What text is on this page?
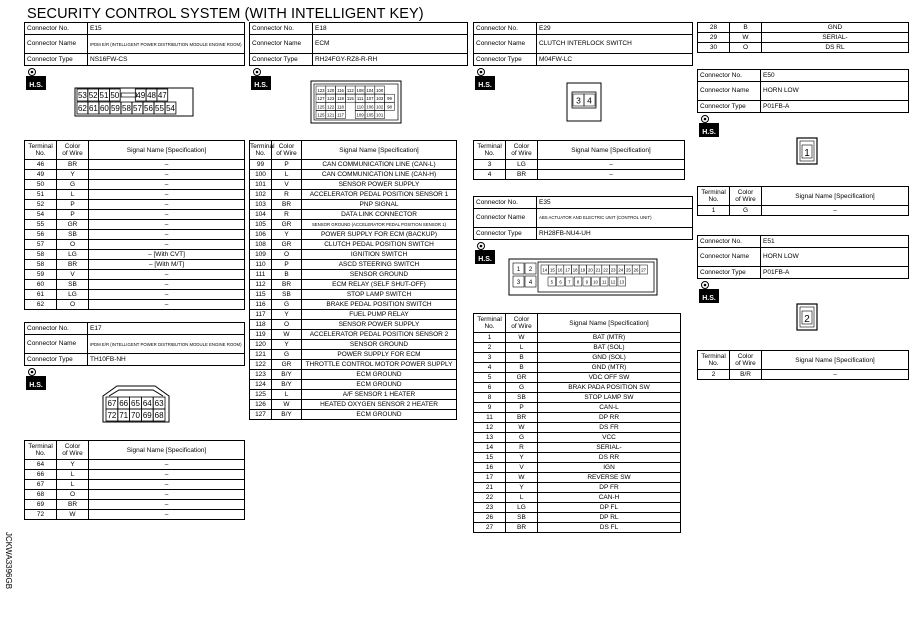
SECURITY CONTROL SYSTEM (WITH INTELLIGENT KEY)
JCKWA3396GB
Connector No.	E15
Connector Name	IPDM E/R (INTELLIGENT POWER DISTRIBUTION MODULE ENGINE ROOM)
Connector Type	NS16FW-CS
H.S.
53 52 51 50 49 48 47
62 61 60 59 58 57 56 55 54
Terminal
No.	Color
of Wire	Signal Name [Specification]
46	BR	–
49	Y	–
50	G	–
51	L	–
52	P	–
54	P	–
55	GR	–
56	SB	–
57	O	–
58	LG	– [With CVT]
58	BR	– [With M/T]
59	V	–
60	SB	–
61	LG	–
62	O	–
Connector No.	E17
Connector Name	IPDM E/R (INTELLIGENT POWER DISTRIBUTION MODULE ENGINE ROOM)
Connector Type	TH10FB-NH
H.S.
67 66 65 64 63
72 71 70 69 68
Terminal
No.	Color
of Wire	Signal Name [Specification]
64	Y	–
66	L	–
67	L	–
68	O	–
69	BR	–
72	W	–
Connector No.	E18
Connector Name	ECM
Connector Type	RH24FGY-RZ8-R-RH
H.S.
123 120 116 112 108 104 100
127 123 119 115 111 107 103 99
125 122 118	110 106 102 98
125 121 117	109 105 101
Terminal
No.	Color
of Wire	Signal Name [Specification]
99	P	CAN COMMUNICATION LINE (CAN-L)
100	L	CAN COMMUNICATION LINE (CAN-H)
101	V	SENSOR POWER SUPPLY
102	R	ACCELERATOR PEDAL POSITION SENSOR 1
103	BR	PNP SIGNAL
104	R	DATA LINK CONNECTOR
105	GR	SENSOR GROUND (ACCELERATOR PEDAL POSITION SENSOR 1)
106	Y	POWER SUPPLY FOR ECM (BACKUP)
108	GR	CLUTCH PEDAL POSITION SWITCH
109	O	IGNITION SWITCH
110	P	ASCD STEERING SWITCH
111	B	SENSOR GROUND
112	BR	ECM RELAY (SELF SHUT-OFF)
115	SB	STOP LAMP SWITCH
116	G	BRAKE PEDAL POSITION SWITCH
117	Y	FUEL PUMP RELAY
118	O	SENSOR POWER SUPPLY
119	W	ACCELERATOR PEDAL POSITION SENSOR 2
120	Y	SENSOR GROUND
121	G	POWER SUPPLY FOR ECM
122	GR	THROTTLE CONTROL MOTOR POWER SUPPLY
123	B/Y	ECM GROUND
124	B/Y	ECM GROUND
125	L	A/F SENSOR 1 HEATER
126	W	HEATED OXYGEN SENSOR 2 HEATER
127	B/Y	ECM GROUND
Connector No.	E29
Connector Name	CLUTCH INTERLOCK SWITCH
Connector Type	M04FW-LC
H.S.
3 4
Terminal
No.	Color
of Wire	Signal Name [Specification]
3	LG	–
4	BR	–
Connector No.	E35
Connector Name	ABS ACTUATOR AND ELECTRIC UNIT (CONTROL UNIT)
Connector Type	RH28FB-NU4-UH
H.S.
1 2
3 4
14 15 16 17 18 19 20 21 22 23 24 25 26 27
5 6 7 8 9 10 11 12 13
Terminal
No.	Color
of Wire	Signal Name [Specification]
1	W	BAT (MTR)
2	L	BAT (SOL)
3	B	GND (SOL)
4	B	GND (MTR)
5	GR	VDC OFF SW
6	G	BRAK PADA POSITION SW
8	SB	STOP LAMP SW
9	P	CAN-L
11	BR	DP RR
12	W	DS FR
13	G	VCC
14	R	SERIAL-
15	Y	DS RR
16	V	IGN
17	W	REVERSE SW
21	Y	DP FR
22	L	CAN-H
23	LG	DP FL
26	SB	DP RL
27	BR	DS FL
28	B	GND
29	W	SERIAL-
30	O	DS RL
Connector No.	E50
Connector Name	HORN LOW
Connector Type	P01FB-A
H.S.
1
Terminal
No.	Color
of Wire	Signal Name [Specification]
1	G	–
Connector No.	E51
Connector Name	HORN LOW
Connector Type	P01FB-A
H.S.
2
Terminal
No.	Color
of Wire	Signal Name [Specification]
2	B/R	–
